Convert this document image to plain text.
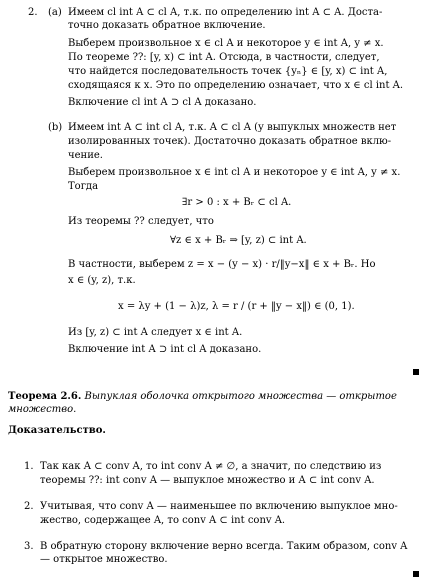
2. (a) Имеем cl int A ⊂ cl A, т.к. по определению int A ⊂ A. Доста-
точно доказать обратное включение.
Выберем произвольное x ∈ cl A и некоторое y ∈ int A, y ≠ x.
По теореме ??: [y, x) ⊂ int A. Отсюда, в частности, следует,
что найдется последовательность точек {yₙ} ∈ [y, x) ⊂ int A,
сходящаяся к x. Это по определению означает, что x ∈ cl int A.
Включение cl int A ⊃ cl A доказано.
(b) Имеем int A ⊂ int cl A, т.к. A ⊂ cl A (у выпуклых множеств нет
изолированных точек). Достаточно доказать обратное вклю-
чение.
Выберем произвольное x ∈ int cl A и некоторое y ∈ int A, y ≠ x.
Тогда
∃r > 0 : x + Bᵣ ⊂ cl A.
Из теоремы ?? следует, что
∀z ∈ x + Bᵣ ⇒ [y, z) ⊂ int A.
В частности, выберем z = x − (y − x) · r/‖y−x‖ ∈ x + Bᵣ. Но
x ∈ (y, z), т.к.
x = λy + (1 − λ)z, λ = r / (r + ‖y − x‖) ∈ (0, 1).
Из [y, z) ⊂ int A следует x ∈ int A.
Включение int A ⊃ int cl A доказано.
Теорема 2.6. Выпуклая оболочка открытого множества — открытое
множество.
Доказательство.
1. Так как A ⊂ conv A, то int conv A ≠ ∅, а значит, по следствию из
теоремы ??: int conv A — выпуклое множество и A ⊂ int conv A.
2. Учитывая, что conv A — наименьшее по включению выпуклое мно-
жество, содержащее A, то conv A ⊂ int conv A.
3. В обратную сторону включение верно всегда. Таким образом, conv A
— открытое множество.
